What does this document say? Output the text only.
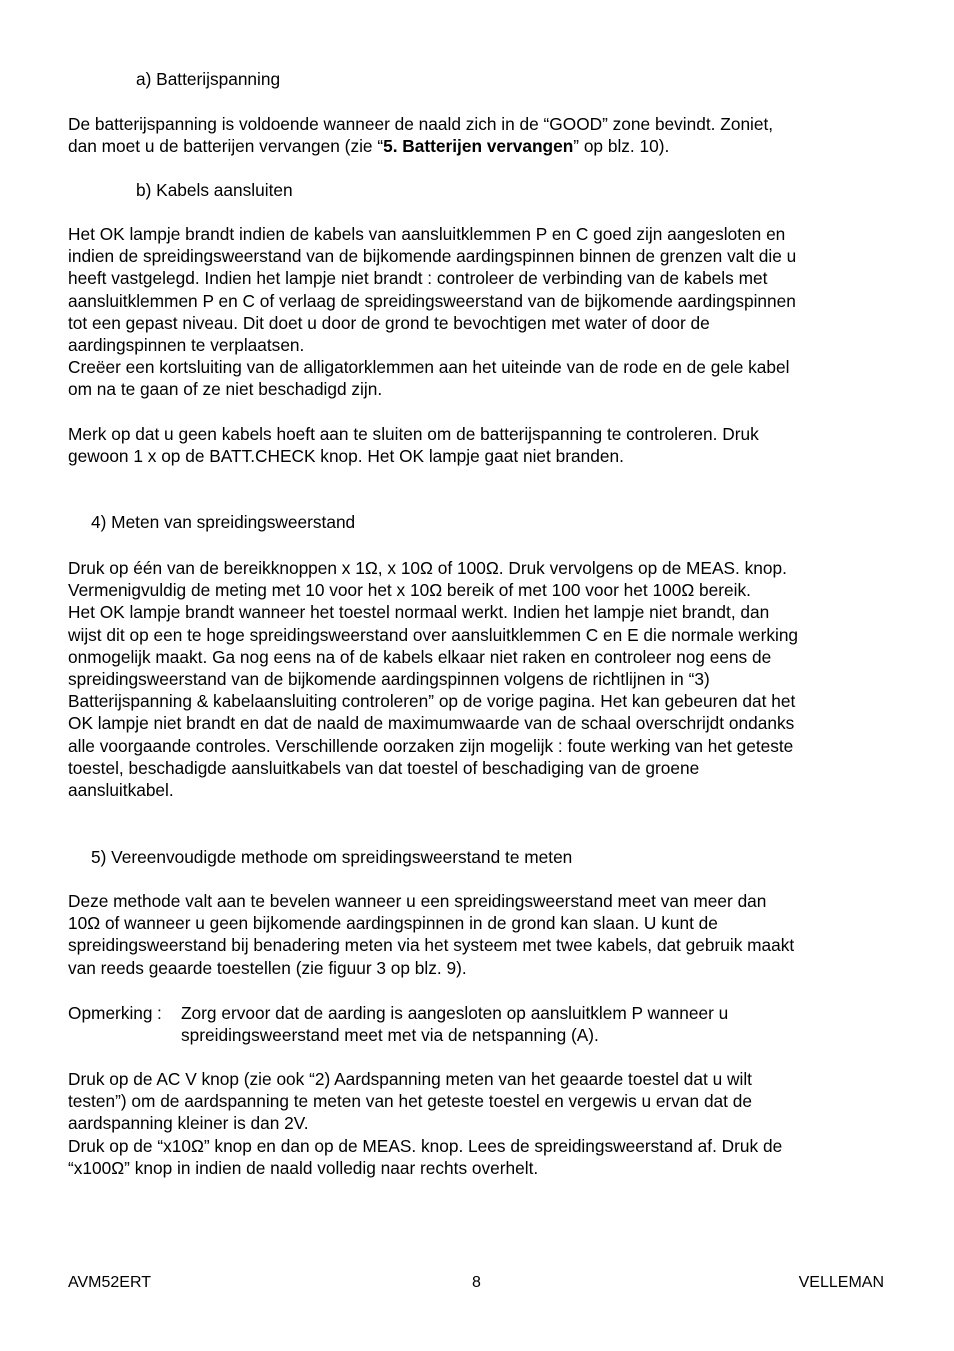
a) Batterijspanning

De batterijspanning is voldoende wanneer de naald zich in de “GOOD” zone bevindt. Zoniet,
dan moet u de batterijen vervangen (zie “5. Batterijen vervangen” op blz. 10).

b) Kabels aansluiten

Het OK lampje brandt indien de kabels van aansluitklemmen P en C goed zijn aangesloten en
indien de spreidingsweerstand van de bijkomende aardingspinnen binnen de grenzen valt die u
heeft vastgelegd. Indien het lampje niet brandt : controleer de verbinding van de kabels met
aansluitklemmen P en C of verlaag de spreidingsweerstand van de bijkomende aardingspinnen
tot een gepast niveau. Dit doet u door de grond te bevochtigen met water of door de
aardingspinnen te verplaatsen.
Creëer een kortsluiting van de alligatorklemmen aan het uiteinde van de rode en de gele kabel
om na te gaan of ze niet beschadigd zijn.

Merk op dat u geen kabels hoeft aan te sluiten om de batterijspanning te controleren. Druk
gewoon 1 x op de BATT.CHECK knop. Het OK lampje gaat niet branden.

4) Meten van spreidingsweerstand

Druk op één van de bereikknoppen x 1Ω, x 10Ω of 100Ω. Druk vervolgens op de MEAS. knop.
Vermenigvuldig de meting met 10 voor het x 10Ω bereik of met 100 voor het 100Ω bereik.
Het OK lampje brandt wanneer het toestel normaal werkt. Indien het lampje niet brandt, dan
wijst dit op een te hoge spreidingsweerstand over aansluitklemmen C en E die normale werking
onmogelijk maakt. Ga nog eens na of de kabels elkaar niet raken en controleer nog eens de
spreidingsweerstand van de bijkomende aardingspinnen volgens de richtlijnen in “3)
Batterijspanning & kabelaansluiting controleren” op de vorige pagina. Het kan gebeuren dat het
OK lampje niet brandt en dat de naald de maximumwaarde van de schaal overschrijdt ondanks
alle voorgaande controles. Verschillende oorzaken zijn mogelijk : foute werking van het geteste
toestel, beschadigde aansluitkabels van dat toestel of beschadiging van de groene
aansluitkabel.

5) Vereenvoudigde methode om spreidingsweerstand te meten

Deze methode valt aan te bevelen wanneer u een spreidingsweerstand meet van meer dan
10Ω of wanneer u geen bijkomende aardingspinnen in de grond kan slaan. U kunt de
spreidingsweerstand bij benadering meten via het systeem met twee kabels, dat gebruik maakt
van reeds geaarde toestellen (zie figuur 3 op blz. 9).

Opmerking : Zorg ervoor dat de aarding is aangesloten op aansluitklem P wanneer u
spreidingsweerstand meet met via de netspanning (A).

Druk op de AC V knop (zie ook “2) Aardspanning meten van het geaarde toestel dat u wilt
testen”) om de aardspanning te meten van het geteste toestel en vergewis u ervan dat de
aardspanning kleiner is dan 2V.
Druk op de “x10Ω” knop en dan op de MEAS. knop. Lees de spreidingsweerstand af. Druk de
“x100Ω” knop in indien de naald volledig naar rechts overhelt.

AVM52ERT	8	VELLEMAN
